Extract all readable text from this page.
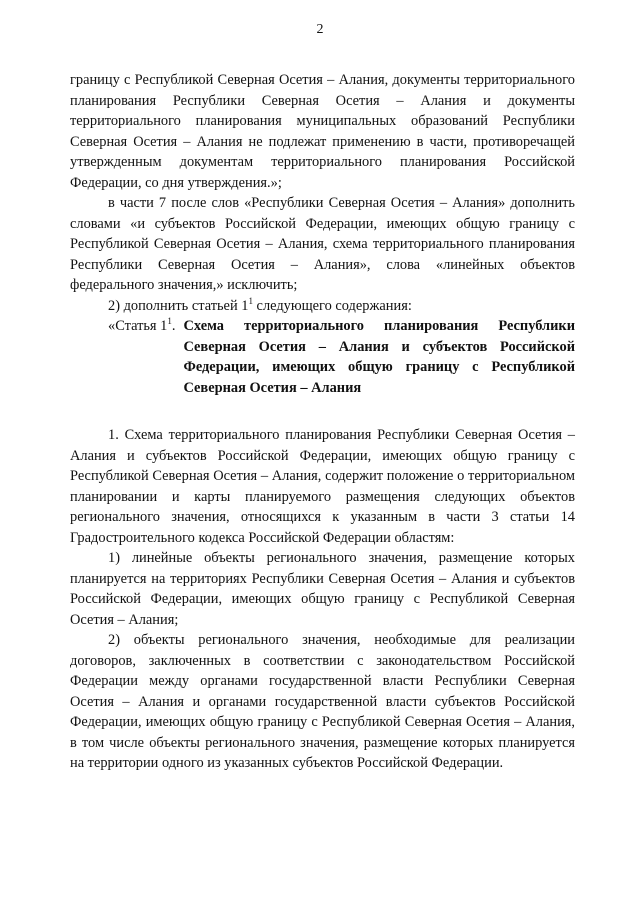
2

границу с Республикой Северная Осетия – Алания, документы территориального планирования Республики Северная Осетия – Алания и документы территориального планирования муниципальных образований Республики Северная Осетия – Алания не подлежат применению в части, противоречащей утвержденным документам территориального планирования Российской Федерации, со дня утверждения.»;

в части 7 после слов «Республики Северная Осетия – Алания» дополнить словами «и субъектов Российской Федерации, имеющих общую границу с Республикой Северная Осетия – Алания, схема территориального планирования Республики Северная Осетия – Алания», слова «линейных объектов федерального значения,» исключить;

2) дополнить статьей $1^1$ следующего содержания:

«Статья $1^1$. Схема территориального планирования Республики Северная Осетия – Алания и субъектов Российской Федерации, имеющих общую границу с Республикой Северная Осетия – Алания

1. Схема территориального планирования Республики Северная Осетия – Алания и субъектов Российской Федерации, имеющих общую границу с Республикой Северная Осетия – Алания, содержит положение о территориальном планировании и карты планируемого размещения следующих объектов регионального значения, относящихся к указанным в части 3 статьи 14 Градостроительного кодекса Российской Федерации областям:

1) линейные объекты регионального значения, размещение которых планируется на территориях Республики Северная Осетия – Алания и субъектов Российской Федерации, имеющих общую границу с Республикой Северная Осетия – Алания;

2) объекты регионального значения, необходимые для реализации договоров, заключенных в соответствии с законодательством Российской Федерации между органами государственной власти Республики Северная Осетия – Алания и органами государственной власти субъектов Российской Федерации, имеющих общую границу с Республикой Северная Осетия – Алания, в том числе объекты регионального значения, размещение которых планируется на территории одного из указанных субъектов Российской Федерации.
